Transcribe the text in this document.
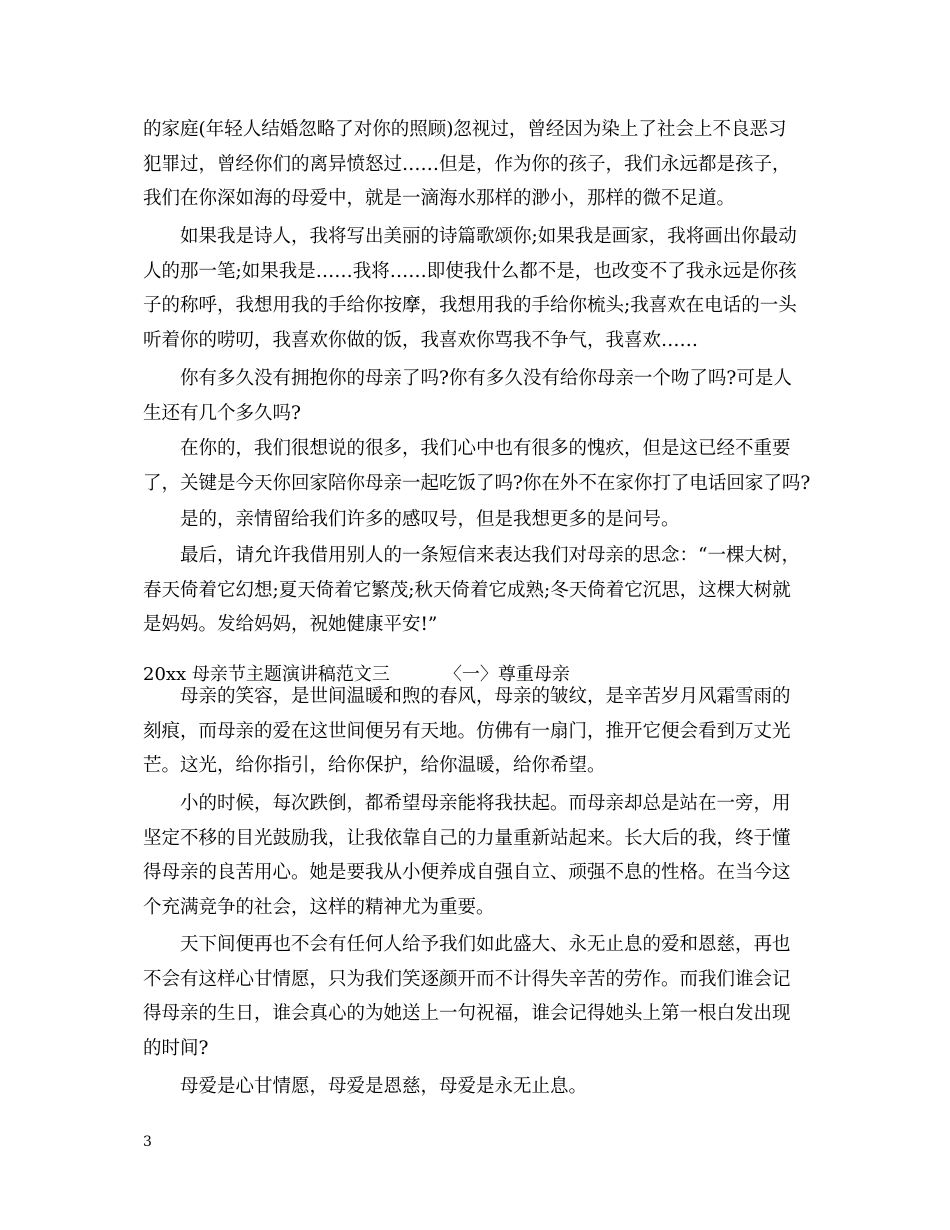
的家庭(年轻人结婚忽略了对你的照顾)忽视过，曾经因为染上了社会上不良恶习
犯罪过，曾经你们的离异愤怒过……但是，作为你的孩子，我们永远都是孩子，
我们在你深如海的母爱中，就是一滴海水那样的渺小，那样的微不足道。
如果我是诗人，我将写出美丽的诗篇歌颂你;如果我是画家，我将画出你最动
人的那一笔;如果我是……我将……即使我什么都不是，也改变不了我永远是你孩
子的称呼，我想用我的手给你按摩，我想用我的手给你梳头;我喜欢在电话的一头
听着你的唠叨，我喜欢你做的饭，我喜欢你骂我不争气，我喜欢……
你有多久没有拥抱你的母亲了吗?你有多久没有给你母亲一个吻了吗?可是人
生还有几个多久吗?
在你的，我们很想说的很多，我们心中也有很多的愧疚，但是这已经不重要
了，关键是今天你回家陪你母亲一起吃饭了吗?你在外不在家你打了电话回家了吗?
是的，亲情留给我们许多的感叹号，但是我想更多的是问号。
最后，请允许我借用别人的一条短信来表达我们对母亲的思念：“一棵大树，
春天倚着它幻想;夏天倚着它繁茂;秋天倚着它成熟;冬天倚着它沉思，这棵大树就
是妈妈。发给妈妈，祝她健康平安!”
20xx 母亲节主题演讲稿范文三	〈一〉尊重母亲
母亲的笑容，是世间温暖和煦的春风，母亲的皱纹，是辛苦岁月风霜雪雨的
刻痕，而母亲的爱在这世间便另有天地。仿佛有一扇门，推开它便会看到万丈光
芒。这光，给你指引，给你保护，给你温暖，给你希望。
小的时候，每次跌倒，都希望母亲能将我扶起。而母亲却总是站在一旁，用
坚定不移的目光鼓励我，让我依靠自己的力量重新站起来。长大后的我，终于懂
得母亲的良苦用心。她是要我从小便养成自强自立、顽强不息的性格。在当今这
个充满竞争的社会，这样的精神尤为重要。
天下间便再也不会有任何人给予我们如此盛大、永无止息的爱和恩慈，再也
不会有这样心甘情愿，只为我们笑逐颜开而不计得失辛苦的劳作。而我们谁会记
得母亲的生日，谁会真心的为她送上一句祝福，谁会记得她头上第一根白发出现
的时间?
母爱是心甘情愿，母爱是恩慈，母爱是永无止息。
3
